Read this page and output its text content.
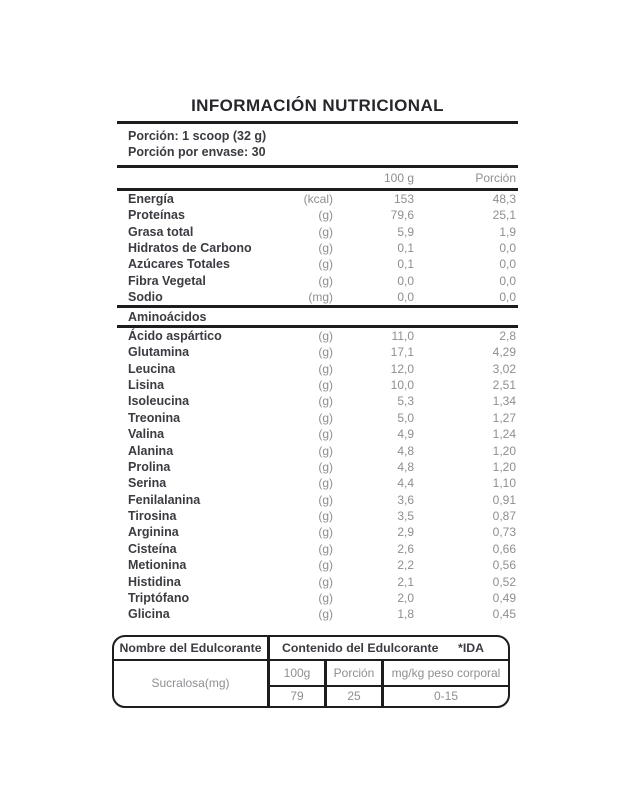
INFORMACIÓN NUTRICIONAL
Porción: 1 scoop (32 g)
Porción por envase: 30
100 g	Porción
Energía	(kcal)	153	48,3
Proteínas	(g)	79,6	25,1
Grasa total	(g)	5,9	1,9
Hidratos de Carbono	(g)	0,1	0,0
Azúcares Totales	(g)	0,1	0,0
Fibra Vegetal	(g)	0,0	0,0
Sodio	(mg)	0,0	0,0
Aminoácidos
Ácido aspártico	(g)	11,0	2,8
Glutamina	(g)	17,1	4,29
Leucina	(g)	12,0	3,02
Lisina	(g)	10,0	2,51
Isoleucina	(g)	5,3	1,34
Treonina	(g)	5,0	1,27
Valina	(g)	4,9	1,24
Alanina	(g)	4,8	1,20
Prolina	(g)	4,8	1,20
Serina	(g)	4,4	1,10
Fenilalanina	(g)	3,6	0,91
Tirosina	(g)	3,5	0,87
Arginina	(g)	2,9	0,73
Cisteína	(g)	2,6	0,66
Metionina	(g)	2,2	0,56
Histidina	(g)	2,1	0,52
Triptófano	(g)	2,0	0,49
Glicina	(g)	1,8	0,45
Nombre del Edulcorante	Contenido del Edulcorante *IDA
Sucralosa(mg)
100g	Porción	mg/kg peso corporal
79	25	0-15
